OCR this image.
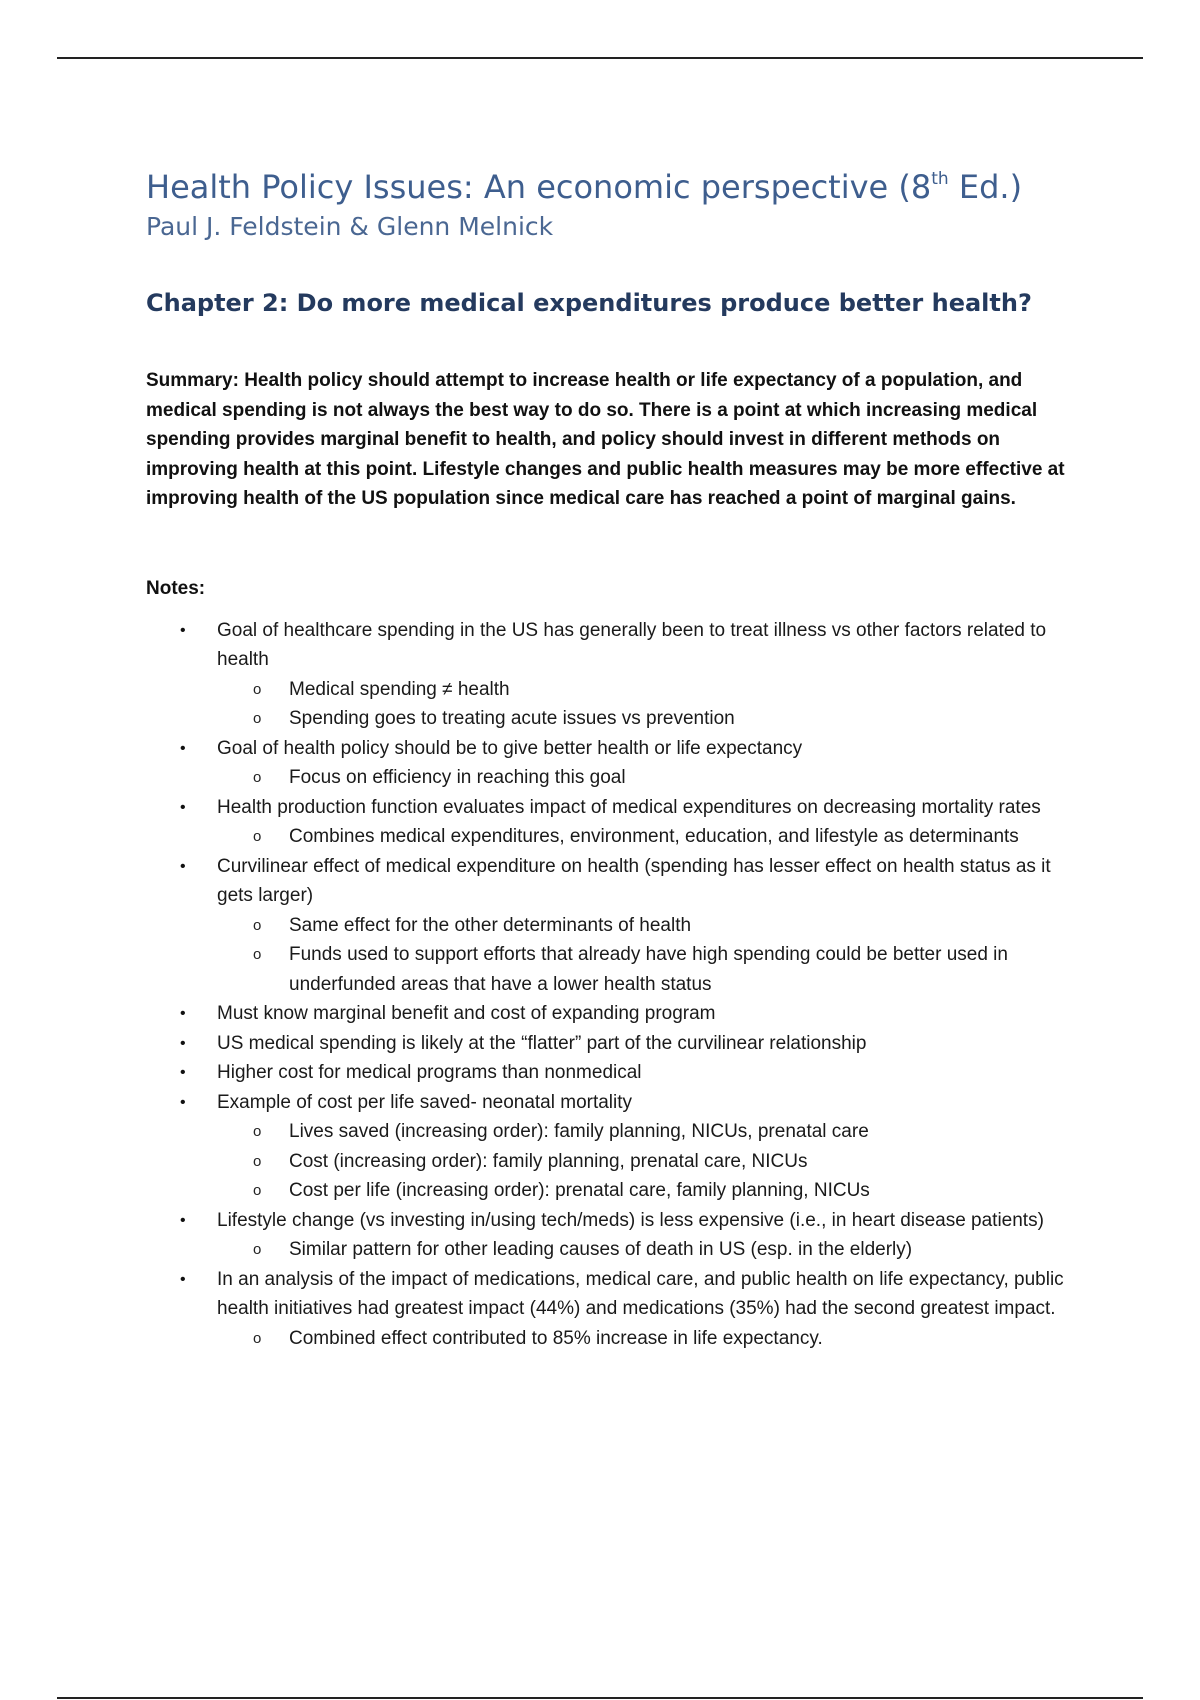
Health Policy Issues: An economic perspective (8th Ed.)

Paul J. Feldstein & Glenn Melnick

Chapter 2: Do more medical expenditures produce better health?

Summary: Health policy should attempt to increase health or life expectancy of a population, and medical spending is not always the best way to do so. There is a point at which increasing medical spending provides marginal benefit to health, and policy should invest in different methods on improving health at this point. Lifestyle changes and public health measures may be more effective at improving health of the US population since medical care has reached a point of marginal gains.

Notes:

• Goal of healthcare spending in the US has generally been to treat illness vs other factors related to health
o Medical spending ≠ health
o Spending goes to treating acute issues vs prevention
• Goal of health policy should be to give better health or life expectancy
o Focus on efficiency in reaching this goal
• Health production function evaluates impact of medical expenditures on decreasing mortality rates
o Combines medical expenditures, environment, education, and lifestyle as determinants
• Curvilinear effect of medical expenditure on health (spending has lesser effect on health status as it gets larger)
o Same effect for the other determinants of health
o Funds used to support efforts that already have high spending could be better used in underfunded areas that have a lower health status
• Must know marginal benefit and cost of expanding program
• US medical spending is likely at the “flatter” part of the curvilinear relationship
• Higher cost for medical programs than nonmedical
• Example of cost per life saved- neonatal mortality
o Lives saved (increasing order): family planning, NICUs, prenatal care
o Cost (increasing order): family planning, prenatal care, NICUs
o Cost per life (increasing order): prenatal care, family planning, NICUs
• Lifestyle change (vs investing in/using tech/meds) is less expensive (i.e., in heart disease patients)
o Similar pattern for other leading causes of death in US (esp. in the elderly)
• In an analysis of the impact of medications, medical care, and public health on life expectancy, public health initiatives had greatest impact (44%) and medications (35%) had the second greatest impact.
o Combined effect contributed to 85% increase in life expectancy.
